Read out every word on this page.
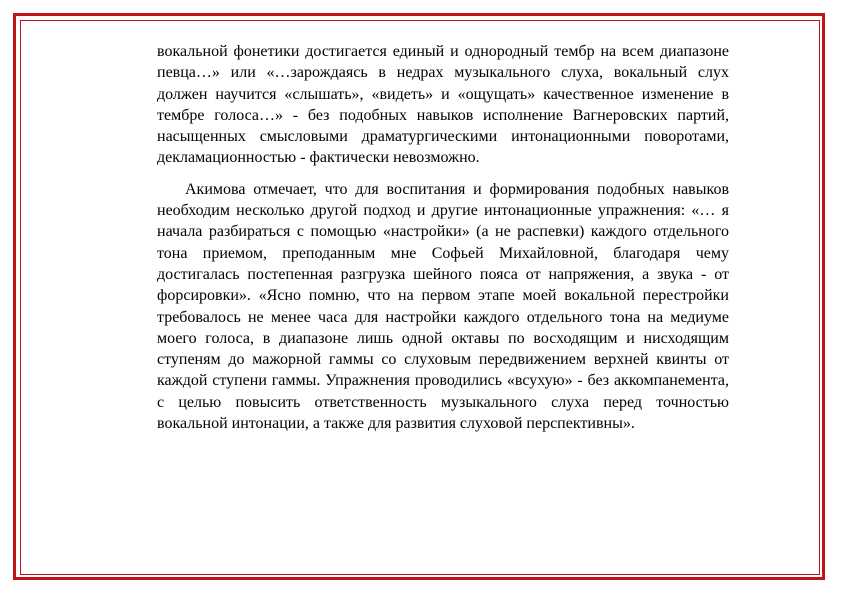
вокальной фонетики достигается единый и однородный тембр на всем диапазоне певца…» или «…зарождаясь в недрах музыкального слуха, вокальный слух должен научится «слышать», «видеть» и «ощущать» качественное изменение в тембре голоса…» - без подобных навыков исполнение Вагнеровских партий, насыщенных смысловыми драматургическими интонационными поворотами, декламационностью - фактически невозможно.

Акимова отмечает, что для воспитания и формирования подобных навыков необходим несколько другой подход и другие интонационные упражнения: «… я начала разбираться с помощью «настройки» (а не распевки) каждого отдельного тона приемом, преподанным мне Софьей Михайловной, благодаря чему достигалась постепенная разгрузка шейного пояса от напряжения, а звука - от форсировки». «Ясно помню, что на первом этапе моей вокальной перестройки требовалось не менее часа для настройки каждого отдельного тона на медиуме моего голоса, в диапазоне лишь одной октавы по восходящим и нисходящим ступеням до мажорной гаммы со слуховым передвижением верхней квинты от каждой ступени гаммы. Упражнения проводились «всухую» - без аккомпанемента, с целью повысить ответственность музыкального слуха перед точностью вокальной интонации, а также для развития слуховой перспективны».
